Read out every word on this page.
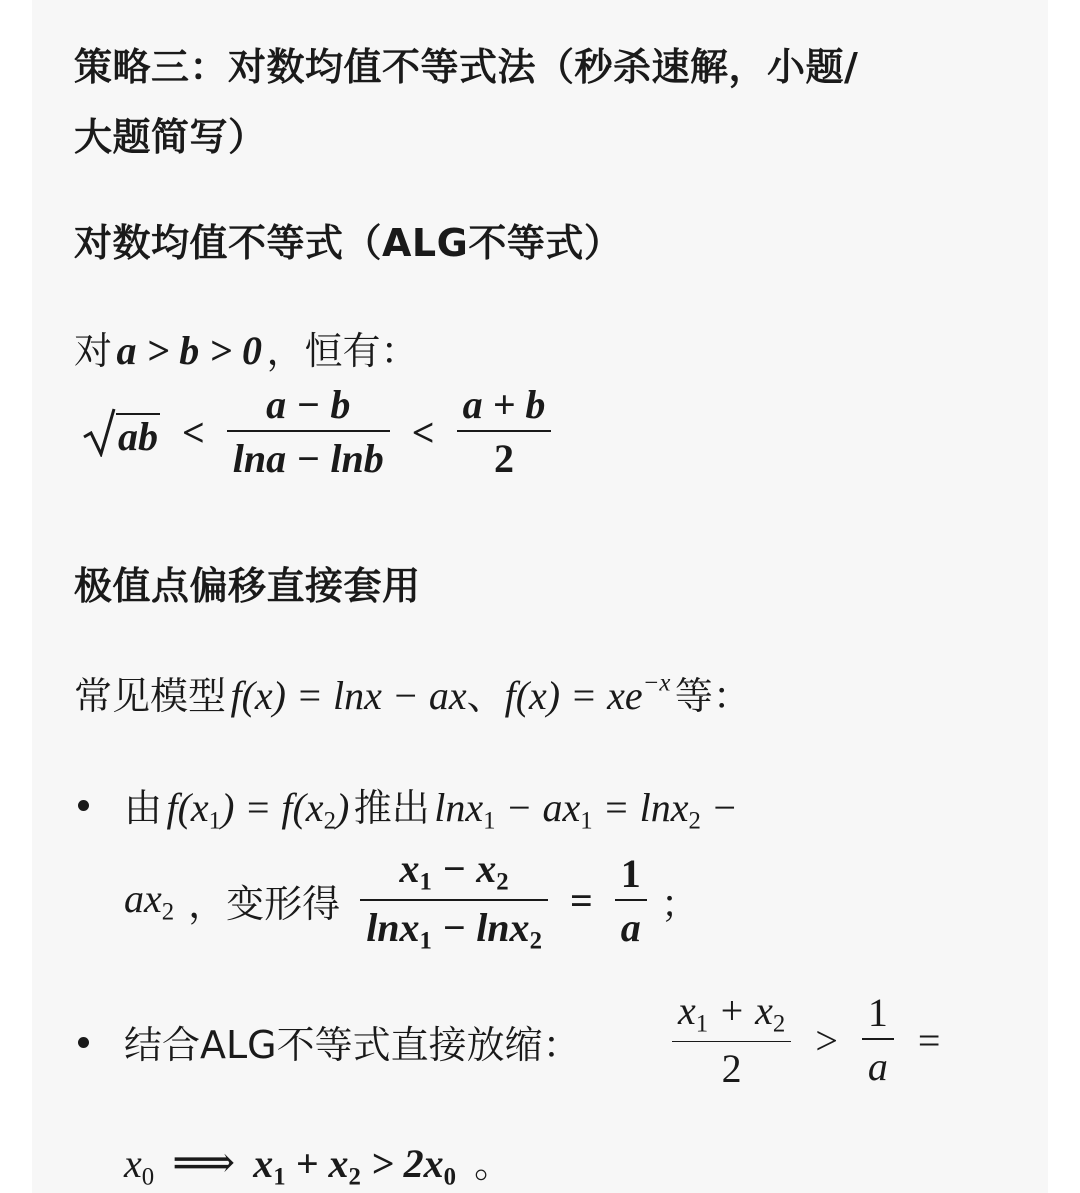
策略三：对数均值不等式法（秒杀速解，小题/
大题简写）
对数均值不等式（ALG不等式）
对 a > b > 0 ，恒有：
ab < $\frac{a - b}{\ln a - \ln b} < \frac{a + b}{2}$
极值点偏移直接套用
常见模型 f(x) = lnx − ax、$f(x) = xe^{-x}$ 等：
由 $f(x_1) = f(x_2)$ 推出 $\ln x_1 - ax_1 = \ln x_2$ −
$ax_2$ ，变形得 $\frac{x_1 - x_2}{\ln x_1 - \ln x_2} = \frac{1}{a}$ ；
结合ALG不等式直接放缩： $\frac{x_1 + x_2}{2} > \frac{1}{a}$ =
$x_0$ ⟹ $x_1 + x_2 > 2x_0$ 。
